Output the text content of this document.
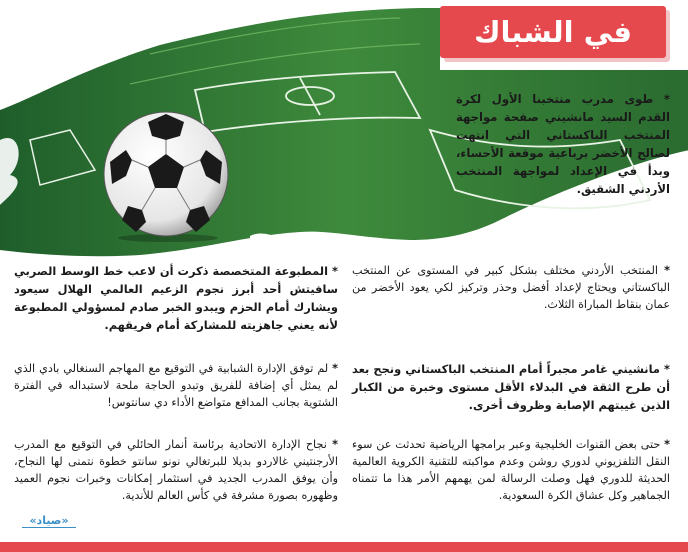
في الشباك

* طوى مدرب منتخبنا الأول لكرة القدم السيد مانشيني صفحة مواجهة المنتخب الباكستاني التي انتهت لصالح الأخضر برباعية موقعة الأحساء، وبدأ في الإعداد لمواجهة المنتخب الأردني الشقيق.

* المنتخب الأردني مختلف بشكل كبير في المستوى عن المنتخب الباكستاني ويحتاج لإعداد أفضل وحذر وتركيز لكي يعود الأخضر من عمان بنقاط المباراة الثلاث.

* مانشيني غامر مجبراً أمام المنتخب الباكستاني ونجح بعد أن طرح الثقة في البدلاء الأقل مستوى وخبرة من الكبار الذين غيبتهم الإصابة وظروف أخرى.

* حتى بعض القنوات الخليجية وعبر برامجها الرياضية تحدثت عن سوء النقل التلفزيوني لدوري روشن وعدم مواكبته للتقنية الكروية العالمية الحديثة للدوري فهل وصلت الرسالة لمن يهمهم الأمر هذا ما تتمناه الجماهير وكل عشاق الكرة السعودية.

* المطبوعة المتخصصة ذكرت أن لاعب خط الوسط الصربي سافيتش أحد أبرز نجوم الزعيم العالمي الهلال سيعود ويشارك أمام الحزم ويبدو الخبر صادم لمسؤولي المطبوعة لأنه يعني جاهزيته للمشاركة أمام فريقهم.

* لم توفق الإدارة الشبابية في التوقيع مع المهاجم السنغالي بادي الذي لم يمثل أي إضافة للفريق وتبدو الحاجة ملحة لاستبداله في الفترة الشتوية بجانب المدافع متواضع الأداء دي سانتوس!

* نجاح الإدارة الاتحادية برئاسة أنمار الحائلي في التوقيع مع المدرب الأرجنتيني غالاردو بديلا للبرتغالي نونو سانتو خطوة نتمنى لها النجاح، وأن يوفق المدرب الجديد في استثمار إمكانات وخبرات نجوم العميد وظهوره بصورة مشرفة في كأس العالم للأندية.

«صياد»
